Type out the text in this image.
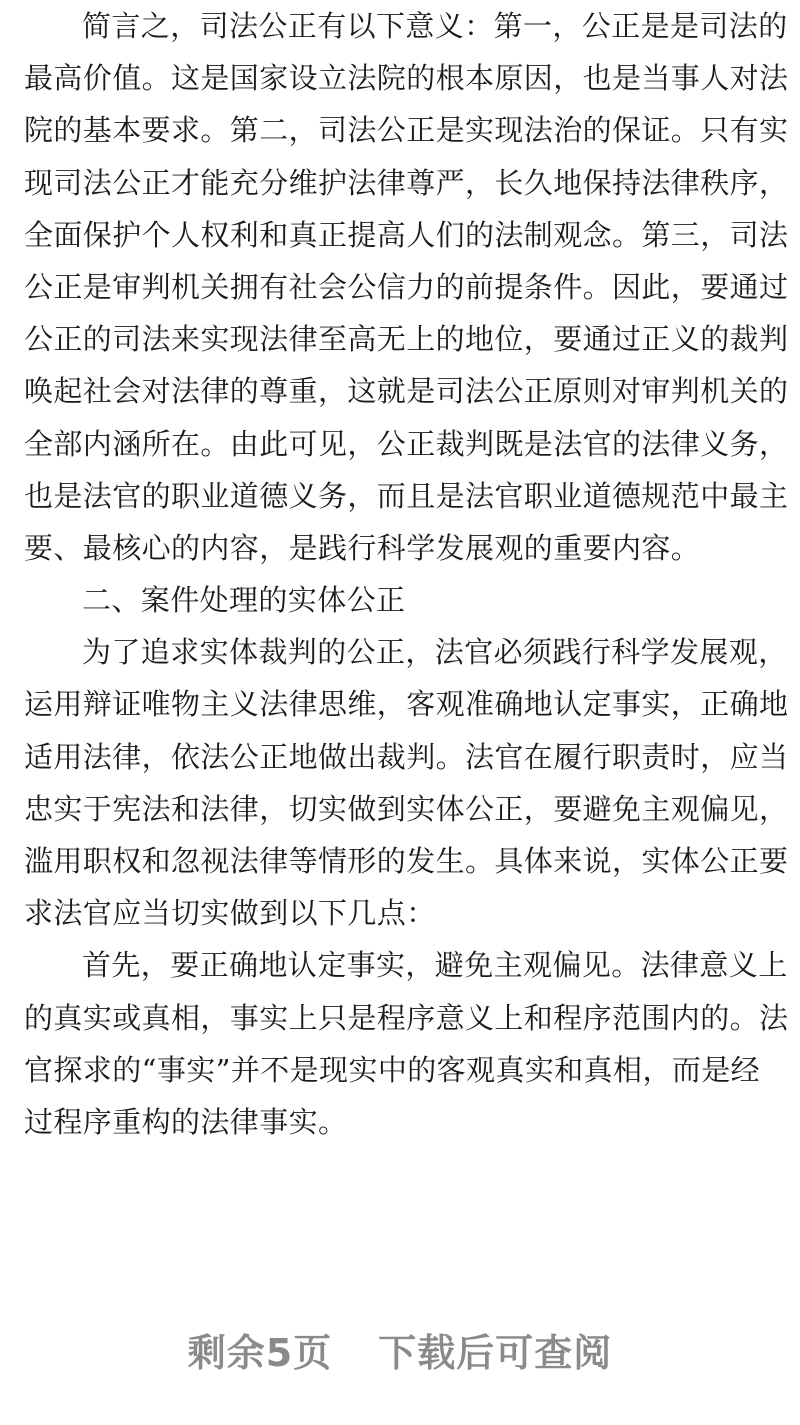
简言之，司法公正有以下意义：第一，公正是是司法的
最高价值。这是国家设立法院的根本原因，也是当事人对法
院的基本要求。第二，司法公正是实现法治的保证。只有实
现司法公正才能充分维护法律尊严，长久地保持法律秩序，
全面保护个人权利和真正提高人们的法制观念。第三，司法
公正是审判机关拥有社会公信力的前提条件。因此，要通过
公正的司法来实现法律至高无上的地位，要通过正义的裁判
唤起社会对法律的尊重，这就是司法公正原则对审判机关的
全部内涵所在。由此可见，公正裁判既是法官的法律义务，
也是法官的职业道德义务，而且是法官职业道德规范中最主
要、最核心的内容，是践行科学发展观的重要内容。
二、案件处理的实体公正
为了追求实体裁判的公正，法官必须践行科学发展观，
运用辩证唯物主义法律思维，客观准确地认定事实，正确地
适用法律，依法公正地做出裁判。法官在履行职责时，应当
忠实于宪法和法律，切实做到实体公正，要避免主观偏见，
滥用职权和忽视法律等情形的发生。具体来说，实体公正要
求法官应当切实做到以下几点：
首先，要正确地认定事实，避免主观偏见。法律意义上
的真实或真相，事实上只是程序意义上和程序范围内的。法
官探求的“事实”并不是现实中的客观真实和真相，而是经
过程序重构的法律事实。
剩余5页 下载后可查阅
